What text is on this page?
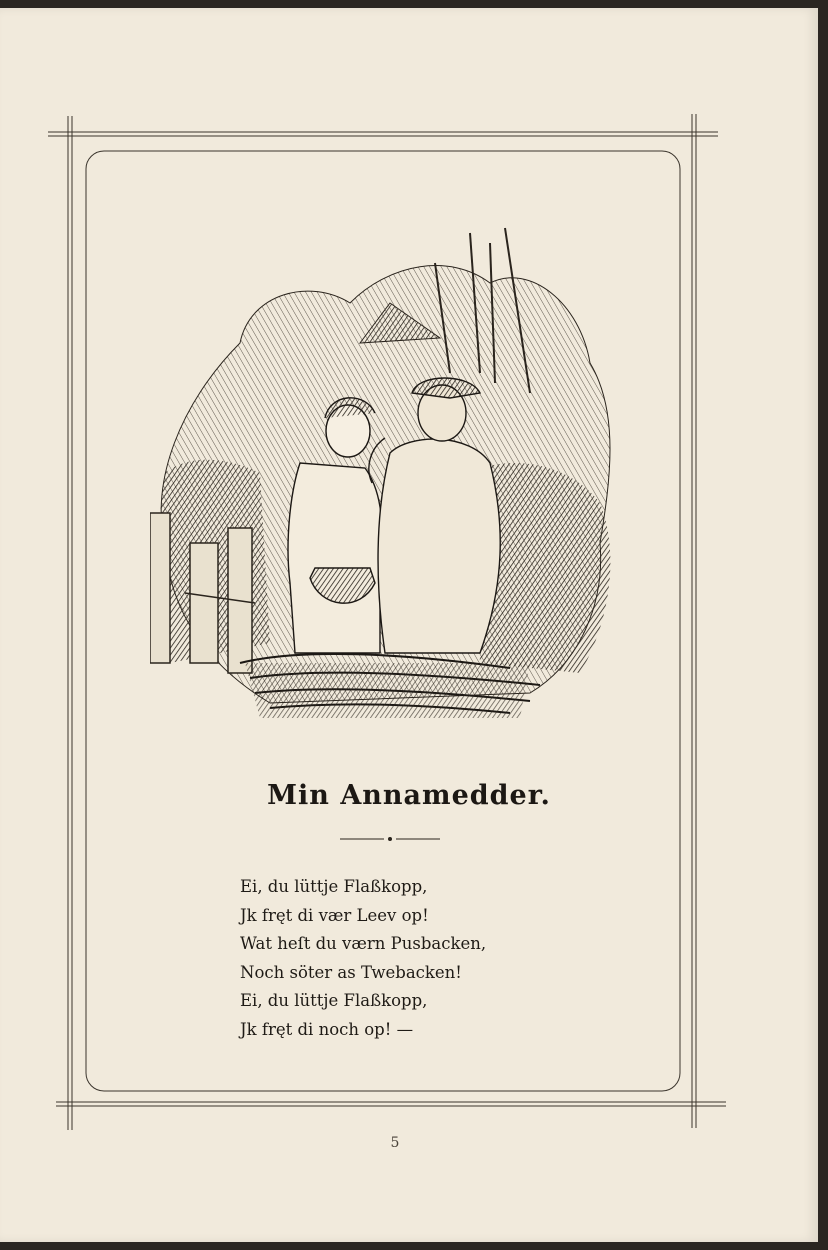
Min Annamedder.
Ei, du lüttje Flaßkopp,
Jk fręt di vær Leev op!
Wat heſt du værn Pusbacken,
Noch söter as Twebacken!
Ei, du lüttje Flaßkopp,
Jk fręt di noch op! —
5
